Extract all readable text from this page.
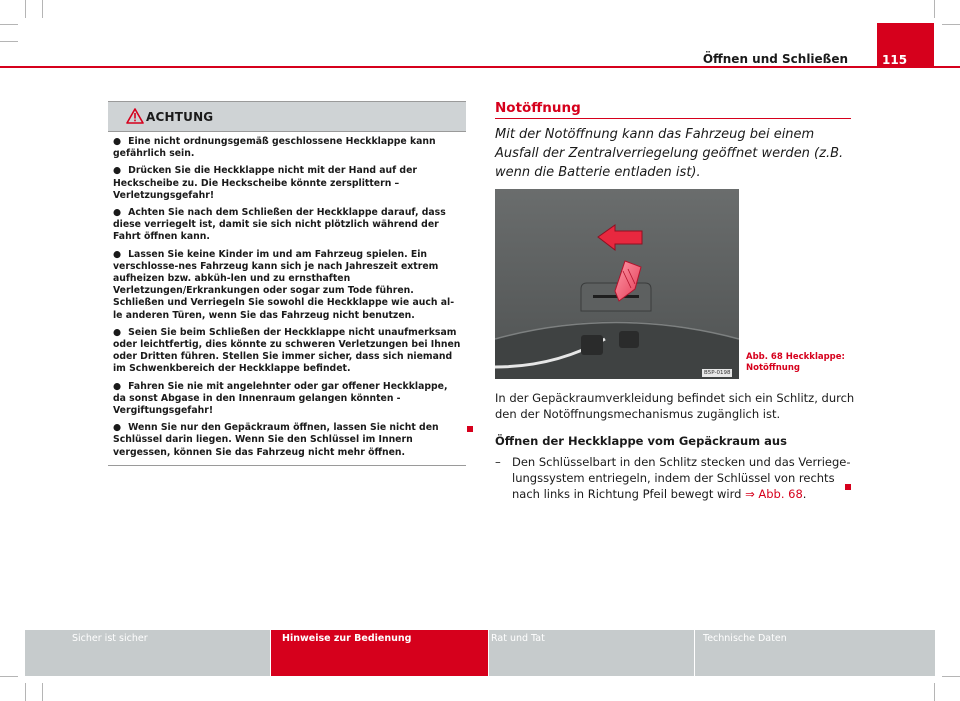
Öffnen und Schließen	115
ACHTUNG
● Eine nicht ordnungsgemäß geschlossene Heckklappe kann gefährlich sein.
● Drücken Sie die Heckklappe nicht mit der Hand auf der Heckscheibe zu. Die Heckscheibe könnte zersplittern – Verletzungsgefahr!
● Achten Sie nach dem Schließen der Heckklappe darauf, dass diese verriegelt ist, damit sie sich nicht plötzlich während der Fahrt öffnen kann.
● Lassen Sie keine Kinder im und am Fahrzeug spielen. Ein verschlosse-nes Fahrzeug kann sich je nach Jahreszeit extrem aufheizen bzw. abküh-len und zu ernsthaften Verletzungen/Erkrankungen oder sogar zum Tode führen. Schließen und Verriegeln Sie sowohl die Heckklappe wie auch al-le anderen Türen, wenn Sie das Fahrzeug nicht benutzen.
● Seien Sie beim Schließen der Heckklappe nicht unaufmerksam oder leichtfertig, dies könnte zu schweren Verletzungen bei Ihnen oder Dritten führen. Stellen Sie immer sicher, dass sich niemand im Schwenkbereich der Heckklappe befindet.
● Fahren Sie nie mit angelehnter oder gar offener Heckklappe, da sonst Abgase in den Innenraum gelangen könnten - Vergiftungsgefahr!
● Wenn Sie nur den Gepäckraum öffnen, lassen Sie nicht den Schlüssel darin liegen. Wenn Sie den Schlüssel im Innern vergessen, können Sie das Fahrzeug nicht mehr öffnen.
Notöffnung
Mit der Notöffnung kann das Fahrzeug bei einem Ausfall der Zentralverriegelung geöffnet werden (z.B. wenn die Batterie entladen ist).
B5P-0198
Abb. 68 Heckklappe:
Notöffnung
In der Gepäckraumverkleidung befindet sich ein Schlitz, durch den der Notöffnungsmechanismus zugänglich ist.
Öffnen der Heckklappe vom Gepäckraum aus
– Den Schlüsselbart in den Schlitz stecken und das Verriege-lungssystem entriegeln, indem der Schlüssel von rechts nach links in Richtung Pfeil bewegt wird ⇒ Abb. 68.
Sicher ist sicher	Hinweise zur Bedienung	Rat und Tat	Technische Daten
